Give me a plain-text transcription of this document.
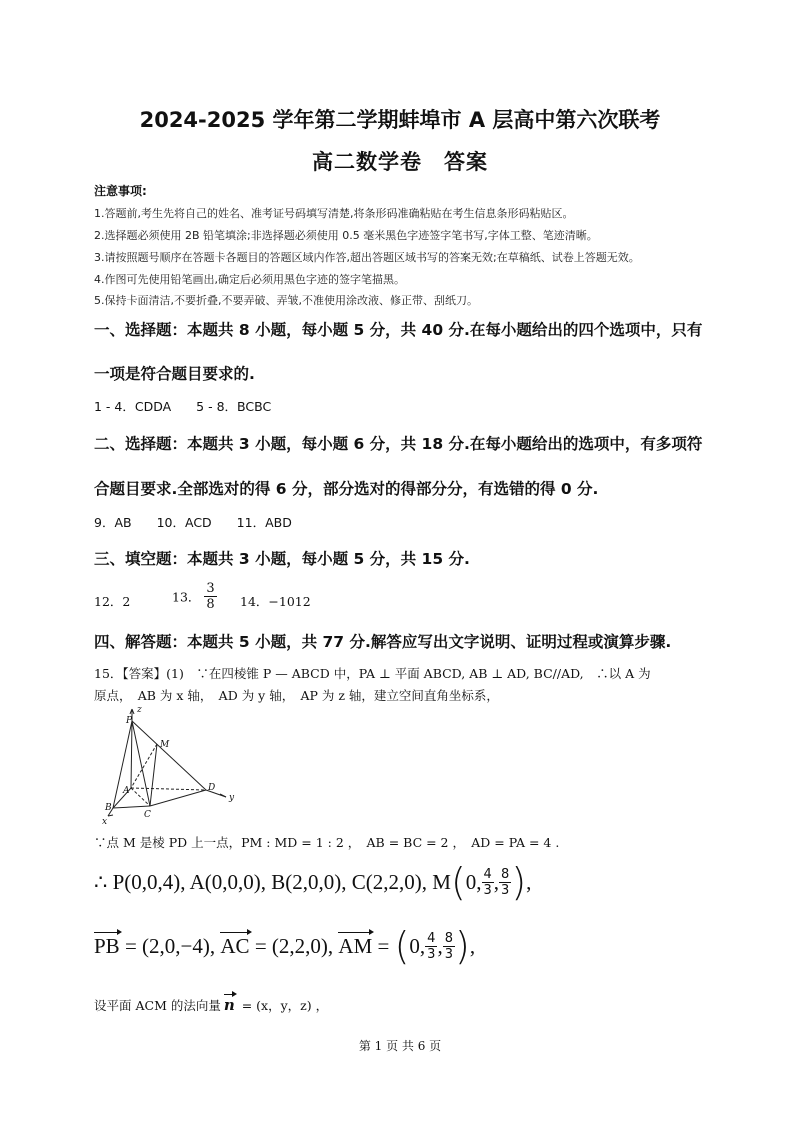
2024-2025 学年第二学期蚌埠市 A 层高中第六次联考
高二数学卷　答案
注意事项:
1.答题前,考生先将自己的姓名、准考证号码填写清楚,将条形码准确粘贴在考生信息条形码粘贴区。
2.选择题必须使用 2B 铅笔填涂;非选择题必须使用 0.5 毫米黑色字迹签字笔书写,字体工整、笔迹清晰。
3.请按照题号顺序在答题卡各题目的答题区域内作答,超出答题区域书写的答案无效;在草稿纸、试卷上答题无效。
4.作图可先使用铅笔画出,确定后必须用黑色字迹的签字笔描黑。
5.保持卡面清洁,不要折叠,不要弄破、弄皱,不准使用涂改液、修正带、刮纸刀。
一、选择题：本题共 8 小题，每小题 5 分，共 40 分.在每小题给出的四个选项中，只有
一项是符合题目要求的.
1 - 4．CDDA　　5 - 8．BCBC
二、选择题：本题共 3 小题，每小题 6 分，共 18 分.在每小题给出的选项中，有多项符
合题目要求.全部选对的得 6 分，部分选对的得部分分，有选错的得 0 分.
9．AB　　10．ACD　　11．ABD
三、填空题：本题共 3 小题，每小题 5 分，共 15 分.
12．2	13． $\frac{3}{8} 14$．−1012
四、解答题：本题共 5 小题，共 77 分.解答应写出文字说明、证明过程或演算步骤.
15．【答案】(1)　∵在四棱锥 P — ABCD 中，PA ⊥ 平面 ABCD, AB ⊥ AD, BC//AD,　∴以 A 为
原点，　AB 为 x 轴，　AD 为 y 轴，　AP 为 z 轴，建立空间直角坐标系，
z
P
M
A
B
C
D
x
y
∵点 M 是棱 PD 上一点，PM : MD = 1 : 2 ，　AB = BC = 2 ，　AD = PA = 4 .
∴ P(0,0,4), A(0,0,0), B(2,0,0), C(2,2,0), M ( 0, $\frac{4}{3}$ , $\frac{8}{3}$ ) ,
PB = (2,0,−4), AC = (2,2,0), AM = ( 0, $\frac{4}{3}$ , $\frac{8}{3}$ ) ,
设平面 ACM 的法向量 n = (x，y，z) ，
第 1 页 共 6 页
